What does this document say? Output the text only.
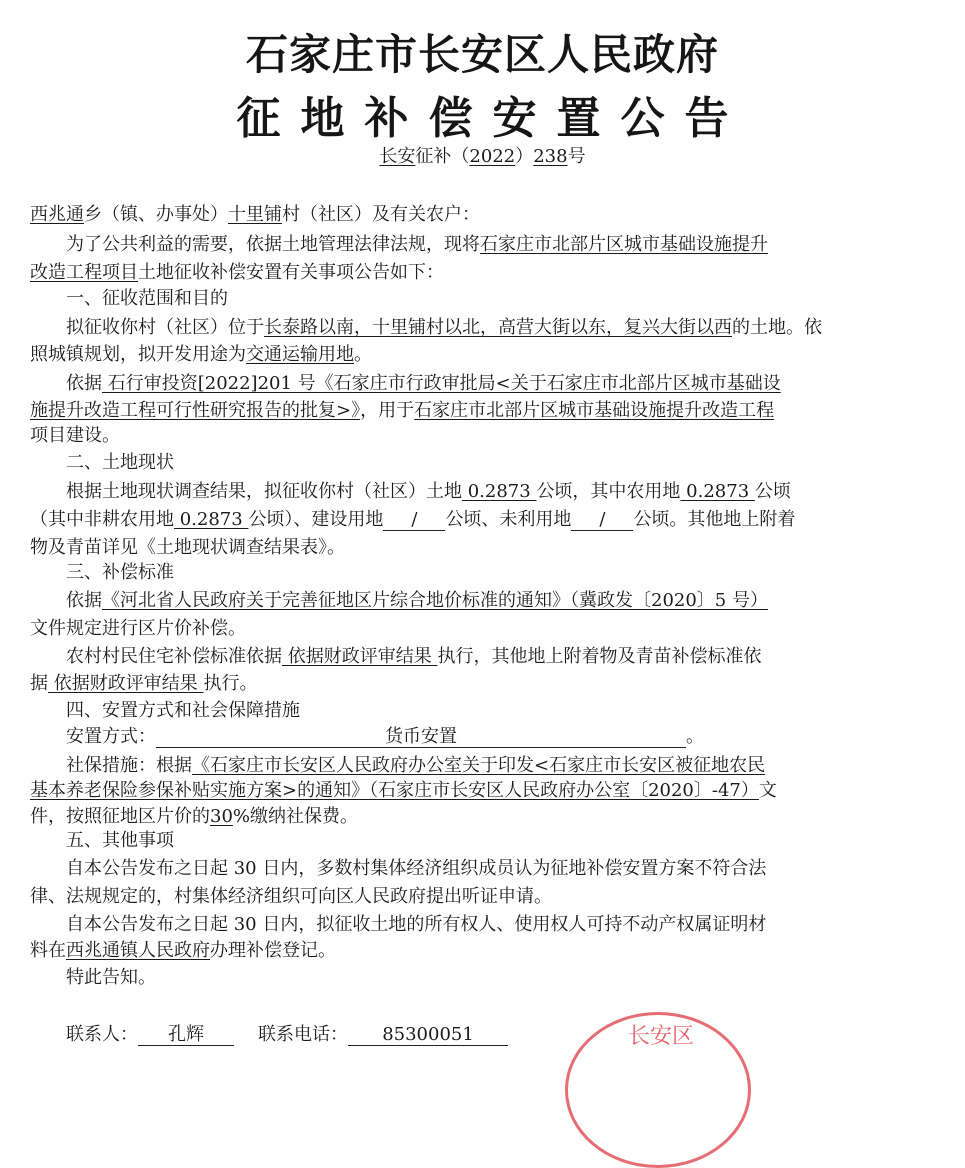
石家庄市长安区人民政府
征地补偿安置公告
长安征补（2022）238号
西兆通乡（镇、办事处）十里铺村（社区）及有关农户：
为了公共利益的需要，依据土地管理法律法规，现将石家庄市北部片区城市基础设施提升
改造工程项目土地征收补偿安置有关事项公告如下：
一、征收范围和目的
拟征收你村（社区）位于长泰路以南，十里铺村以北，高营大街以东，复兴大街以西的土地。依
照城镇规划，拟开发用途为交通运输用地。
依据 石行审投资[2022]201 号《石家庄市行政审批局<关于石家庄市北部片区城市基础设
施提升改造工程可行性研究报告的批复>》，用于石家庄市北部片区城市基础设施提升改造工程
项目建设。
二、土地现状
根据土地现状调查结果，拟征收你村（社区）土地 0.2873 公顷，其中农用地 0.2873 公顷
（其中非耕农用地 0.2873 公顷）、建设用地 / 公顷、未利用地 / 公顷。其他地上附着
物及青苗详见《土地现状调查结果表》。
三、补偿标准
依据《河北省人民政府关于完善征地区片综合地价标准的通知》（冀政发〔2020〕5 号）
文件规定进行区片价补偿。
农村村民住宅补偿标准依据 依据财政评审结果 执行，其他地上附着物及青苗补偿标准依
据 依据财政评审结果 执行。
四、安置方式和社会保障措施
安置方式：	货币安置	。
社保措施：根据《石家庄市长安区人民政府办公室关于印发<石家庄市长安区被征地农民
基本养老保险参保补贴实施方案>的通知》（石家庄市长安区人民政府办公室〔2020〕-47）文
件，按照征地区片价的30%缴纳社保费。
五、其他事项
自本公告发布之日起 30 日内，多数村集体经济组织成员认为征地补偿安置方案不符合法
律、法规规定的，村集体经济组织可向区人民政府提出听证申请。
自本公告发布之日起 30 日内，拟征收土地的所有权人、使用权人可持不动产权属证明材
料在西兆通镇人民政府办理补偿登记。
特此告知。
联系人： 孔辉	联系电话： 85300051	长安区
